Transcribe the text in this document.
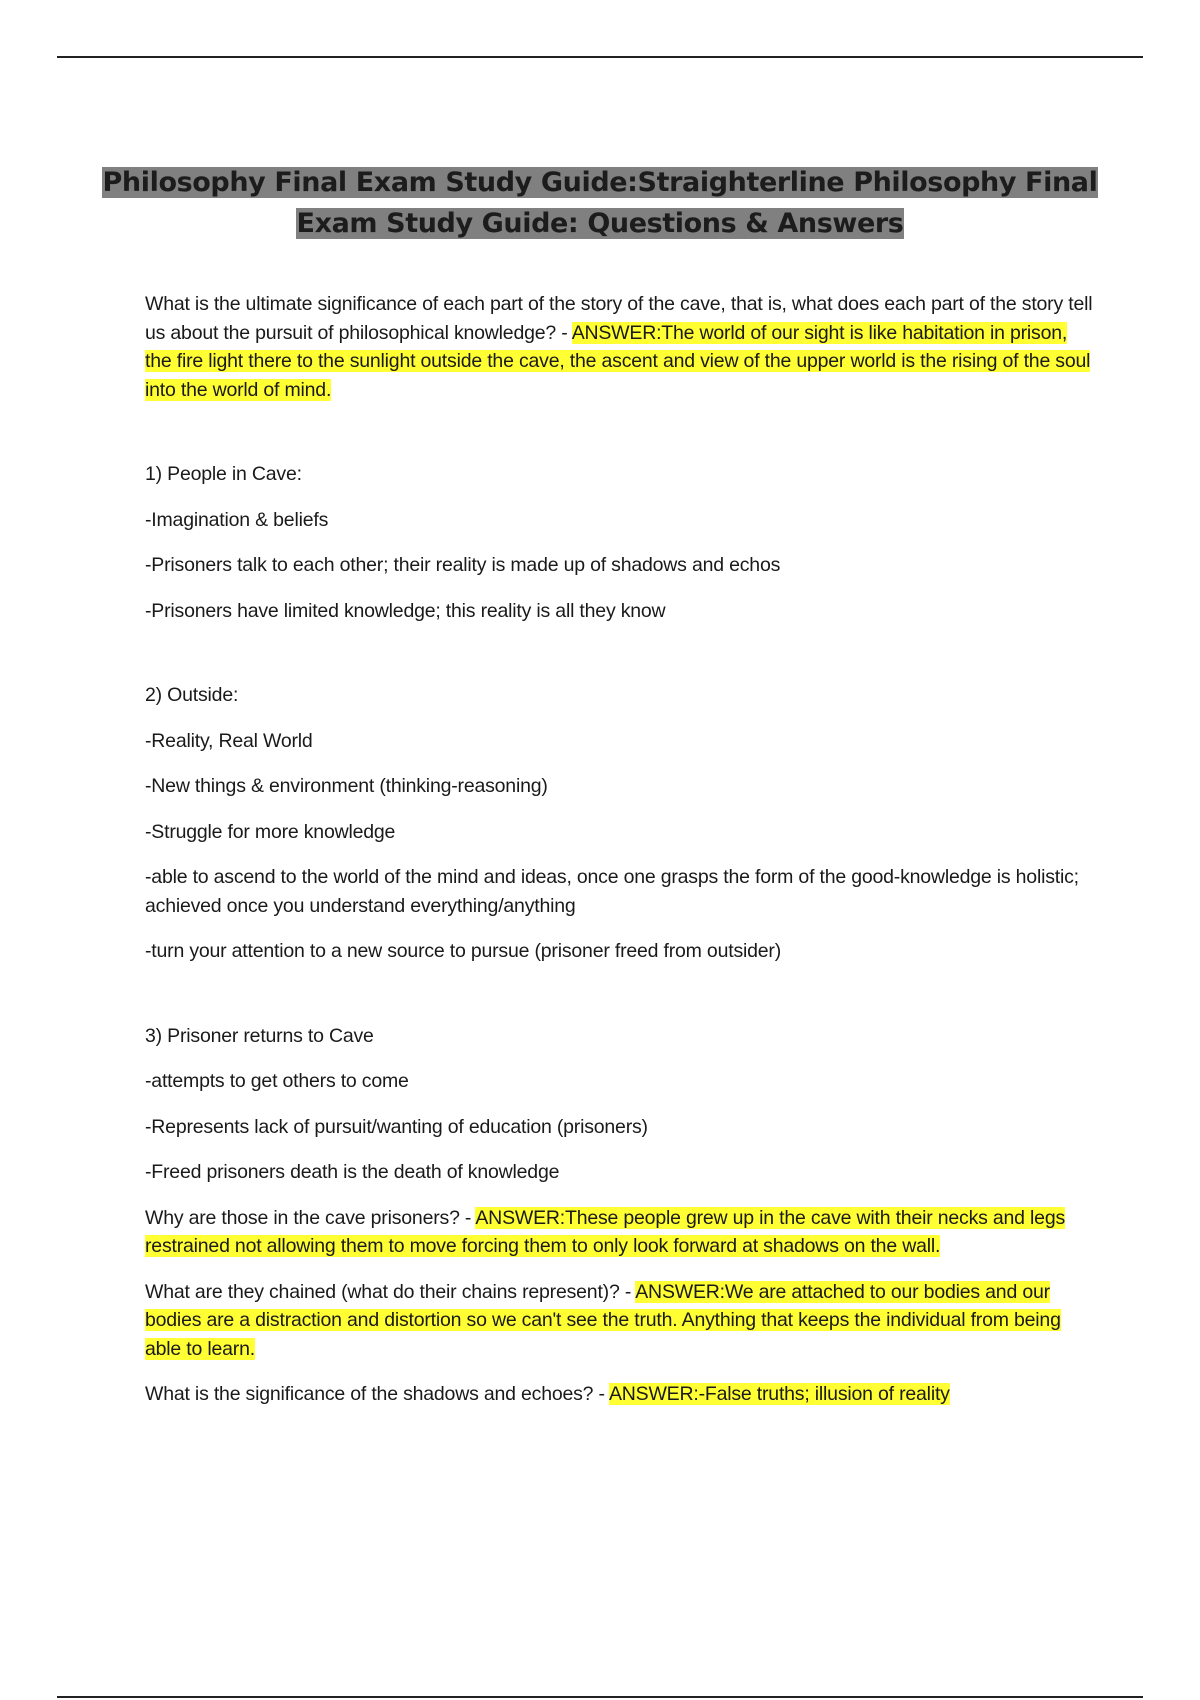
Philosophy Final Exam Study Guide:Straighterline Philosophy Final Exam Study Guide: Questions & Answers

What is the ultimate significance of each part of the story of the cave, that is, what does each part of the story tell us about the pursuit of philosophical knowledge? - ANSWER:The world of our sight is like habitation in prison, the fire light there to the sunlight outside the cave, the ascent and view of the upper world is the rising of the soul into the world of mind.

1) People in Cave:

-Imagination & beliefs

-Prisoners talk to each other; their reality is made up of shadows and echos

-Prisoners have limited knowledge; this reality is all they know

2) Outside:

-Reality, Real World

-New things & environment (thinking-reasoning)

-Struggle for more knowledge

-able to ascend to the world of the mind and ideas, once one grasps the form of the good-knowledge is holistic; achieved once you understand everything/anything

-turn your attention to a new source to pursue (prisoner freed from outsider)

3) Prisoner returns to Cave

-attempts to get others to come

-Represents lack of pursuit/wanting of education (prisoners)

-Freed prisoners death is the death of knowledge

Why are those in the cave prisoners? - ANSWER:These people grew up in the cave with their necks and legs restrained not allowing them to move forcing them to only look forward at shadows on the wall.

What are they chained (what do their chains represent)? - ANSWER:We are attached to our bodies and our bodies are a distraction and distortion so we can't see the truth. Anything that keeps the individual from being able to learn.

What is the significance of the shadows and echoes? - ANSWER:-False truths; illusion of reality
